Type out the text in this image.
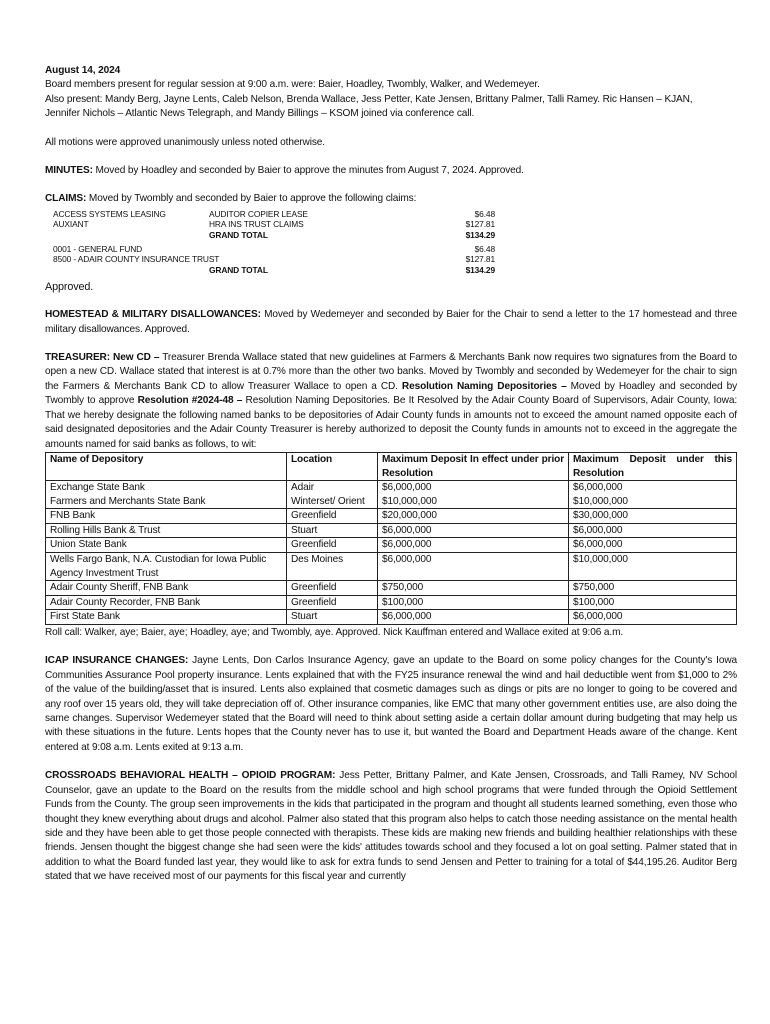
August 14, 2024

Board members present for regular session at 9:00 a.m. were: Baier, Hoadley, Twombly, Walker, and Wedemeyer.

Also present: Mandy Berg, Jayne Lents, Caleb Nelson, Brenda Wallace, Jess Petter, Kate Jensen, Brittany Palmer, Talli Ramey. Ric Hansen – KJAN,

Jennifer Nichols – Atlantic News Telegraph, and Mandy Billings – KSOM joined via conference call.

All motions were approved unanimously unless noted otherwise.

MINUTES: Moved by Hoadley and seconded by Baier to approve the minutes from August 7, 2024. Approved.

CLAIMS: Moved by Twombly and seconded by Baier to approve the following claims:

ACCESS SYSTEMS LEASING	AUDITOR COPIER LEASE	$6.48
AUXIANT	HRA INS TRUST CLAIMS	$127.81
GRAND TOTAL	$134.29
0001 - GENERAL FUND	$6.48
8500 - ADAIR COUNTY INSURANCE TRUST	$127.81
GRAND TOTAL	$134.29

Approved.

HOMESTEAD & MILITARY DISALLOWANCES: Moved by Wedemeyer and seconded by Baier for the Chair to send a letter to the 17 homestead and three military disallowances. Approved.

TREASURER: New CD – Treasurer Brenda Wallace stated that new guidelines at Farmers & Merchants Bank now requires two signatures from the Board to open a new CD. Wallace stated that interest is at 0.7% more than the other two banks. Moved by Twombly and seconded by Wedemeyer for the chair to sign the Farmers & Merchants Bank CD to allow Treasurer Wallace to open a CD. Resolution Naming Depositories – Moved by Hoadley and seconded by Twombly to approve Resolution #2024-48 – Resolution Naming Depositories. Be It Resolved by the Adair County Board of Supervisors, Adair County, Iowa: That we hereby designate the following named banks to be depositories of Adair County funds in amounts not to exceed the amount named opposite each of said designated depositories and the Adair County Treasurer is hereby authorized to deposit the County funds in amounts not to exceed in the aggregate the amounts named for said banks as follows, to wit:

Name of Depository	Location	Maximum Deposit In effect under prior Resolution	Maximum Deposit under this Resolution
Exchange State Bank	Adair	$6,000,000	$6,000,000
Farmers and Merchants State Bank	Winterset/ Orient	$10,000,000	$10,000,000
FNB Bank	Greenfield	$20,000,000	$30,000,000
Rolling Hills Bank & Trust	Stuart	$6,000,000	$6,000,000
Union State Bank	Greenfield	$6,000,000	$6,000,000
Wells Fargo Bank, N.A. Custodian for Iowa Public Agency Investment Trust	Des Moines	$6,000,000	$10,000,000
Adair County Sheriff, FNB Bank	Greenfield	$750,000	$750,000
Adair County Recorder, FNB Bank	Greenfield	$100,000	$100,000
First State Bank	Stuart	$6,000,000	$6,000,000

Roll call: Walker, aye; Baier, aye; Hoadley, aye; and Twombly, aye. Approved. Nick Kauffman entered and Wallace exited at 9:06 a.m.

ICAP INSURANCE CHANGES: Jayne Lents, Don Carlos Insurance Agency, gave an update to the Board on some policy changes for the County's Iowa Communities Assurance Pool property insurance. Lents explained that with the FY25 insurance renewal the wind and hail deductible went from $1,000 to 2% of the value of the building/asset that is insured. Lents also explained that cosmetic damages such as dings or pits are no longer to going to be covered and any roof over 15 years old, they will take depreciation off of. Other insurance companies, like EMC that many other government entities use, are also doing the same changes. Supervisor Wedemeyer stated that the Board will need to think about setting aside a certain dollar amount during budgeting that may help us with these situations in the future. Lents hopes that the County never has to use it, but wanted the Board and Department Heads aware of the change. Kent entered at 9:08 a.m. Lents exited at 9:13 a.m.

CROSSROADS BEHAVIORAL HEALTH – OPIOID PROGRAM: Jess Petter, Brittany Palmer, and Kate Jensen, Crossroads, and Talli Ramey, NV School Counselor, gave an update to the Board on the results from the middle school and high school programs that were funded through the Opioid Settlement Funds from the County. The group seen improvements in the kids that participated in the program and thought all students learned something, even those who thought they knew everything about drugs and alcohol. Palmer also stated that this program also helps to catch those needing assistance on the mental health side and they have been able to get those people connected with therapists. These kids are making new friends and building healthier relationships with these friends. Jensen thought the biggest change she had seen were the kids' attitudes towards school and they focused a lot on goal setting. Palmer stated that in addition to what the Board funded last year, they would like to ask for extra funds to send Jensen and Petter to training for a total of $44,195.26. Auditor Berg stated that we have received most of our payments for this fiscal year and currently
